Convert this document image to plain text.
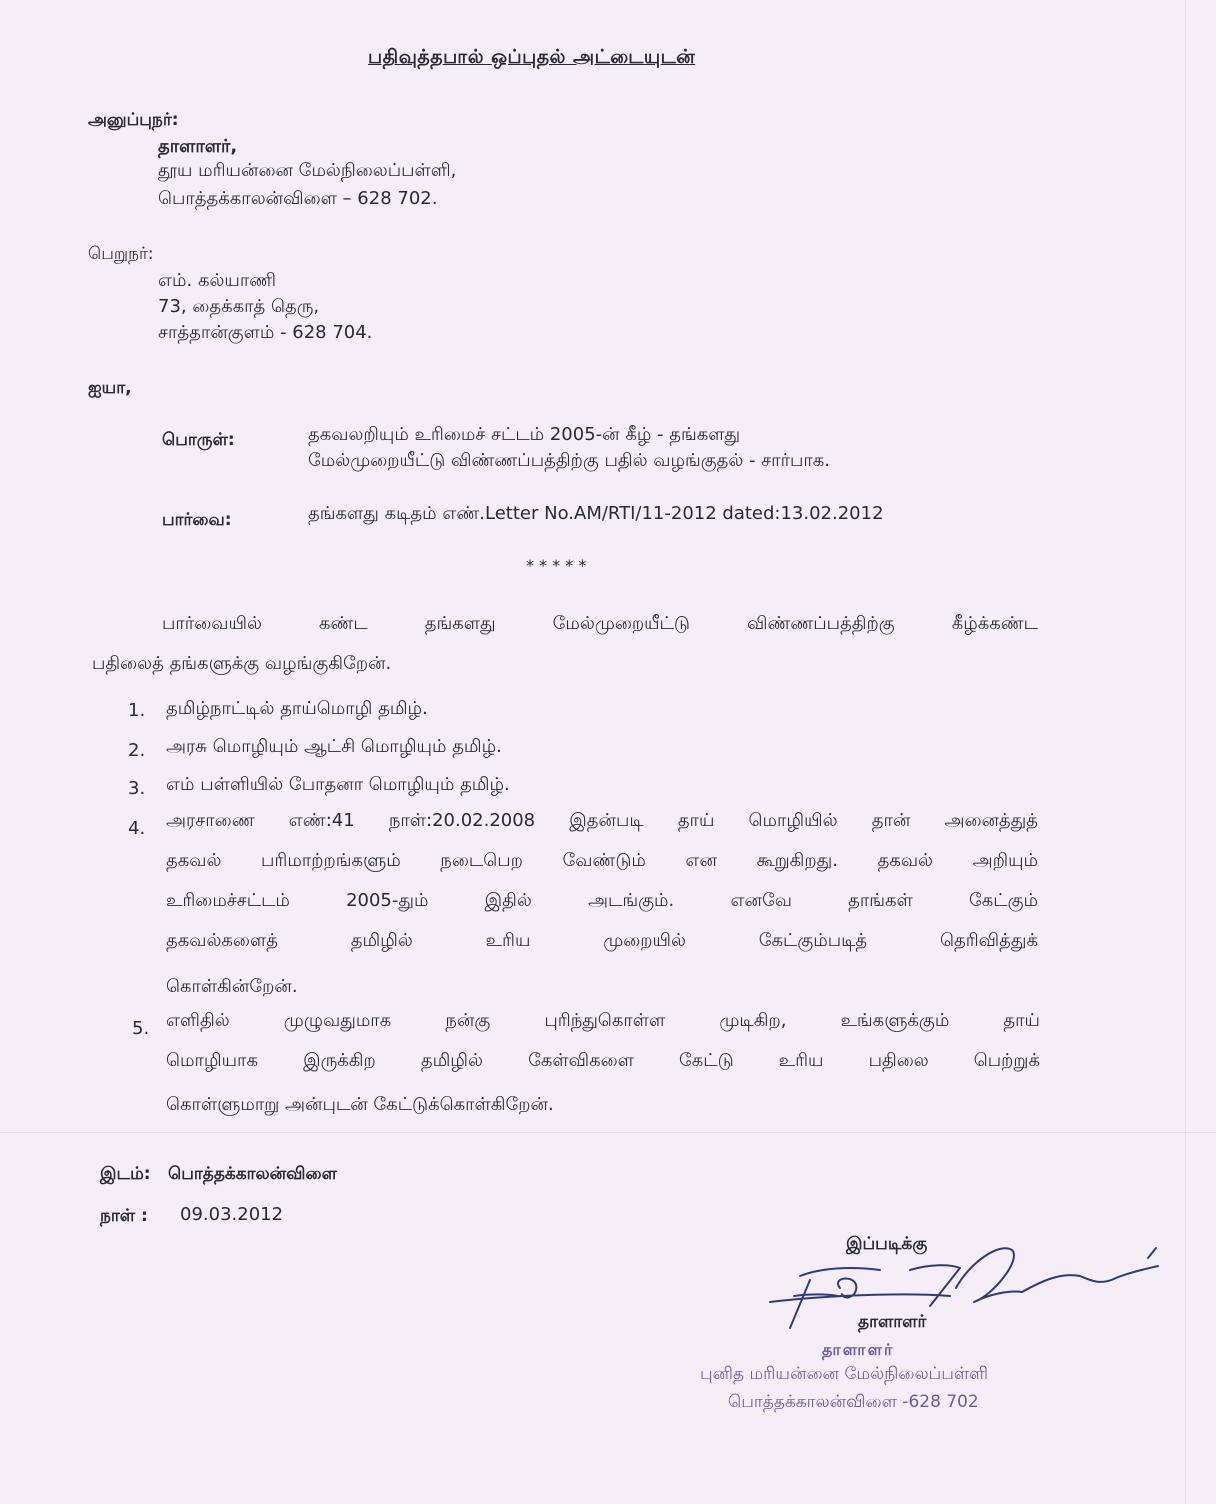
பதிவுத்தபால் ஒப்புதல் அட்டையுடன்
அனுப்புநர்:
தாளாளர்,
தூய மரியன்னை மேல்நிலைப்பள்ளி,
பொத்தக்காலன்விளை – 628 702.
பெறுநர்:
எம். கல்யாணி
73, தைக்காத் தெரு,
சாத்தான்குளம் - 628 704.
ஐயா,
பொருள்:	தகவலறியும் உரிமைச் சட்டம் 2005-ன் கீழ் - தங்களது
மேல்முறையீட்டு விண்ணப்பத்திற்கு பதில் வழங்குதல் - சார்பாக.
பார்வை:	தங்களது கடிதம் எண்.Letter No.AM/RTI/11-2012 dated:13.02.2012
* * * * *
பார்வையில் கண்ட தங்களது மேல்முறையீட்டு விண்ணப்பத்திற்கு கீழ்க்கண்ட
பதிலைத் தங்களுக்கு வழங்குகிறேன்.
1. தமிழ்நாட்டில் தாய்மொழி தமிழ்.
2. அரசு மொழியும் ஆட்சி மொழியும் தமிழ்.
3. எம் பள்ளியில் போதனா மொழியும் தமிழ்.
4. அரசாணை எண்:41 நாள்:20.02.2008 இதன்படி தாய் மொழியில் தான் அனைத்துத்
தகவல் பரிமாற்றங்களும் நடைபெற வேண்டும் என கூறுகிறது. தகவல் அறியும்
உரிமைச்சட்டம் 2005-தும் இதில் அடங்கும். எனவே தாங்கள் கேட்கும்
தகவல்களைத் தமிழில் உரிய முறையில் கேட்கும்படித் தெரிவித்துக்
கொள்கின்றேன்.
5. எளிதில் முழுவதுமாக நன்கு புரிந்துகொள்ள முடிகிற, உங்களுக்கும் தாய்
மொழியாக இருக்கிற தமிழில் கேள்விகளை கேட்டு உரிய பதிலை பெற்றுக்
கொள்ளுமாறு அன்புடன் கேட்டுக்கொள்கிறேன்.
இடம்: பொத்தக்காலன்விளை
நாள் : 09.03.2012
இப்படிக்கு
தாளாளர்
தாளாளர்
புனித மரியன்னை மேல்நிலைப்பள்ளி
பொத்தக்காலன்விளை -628 702
